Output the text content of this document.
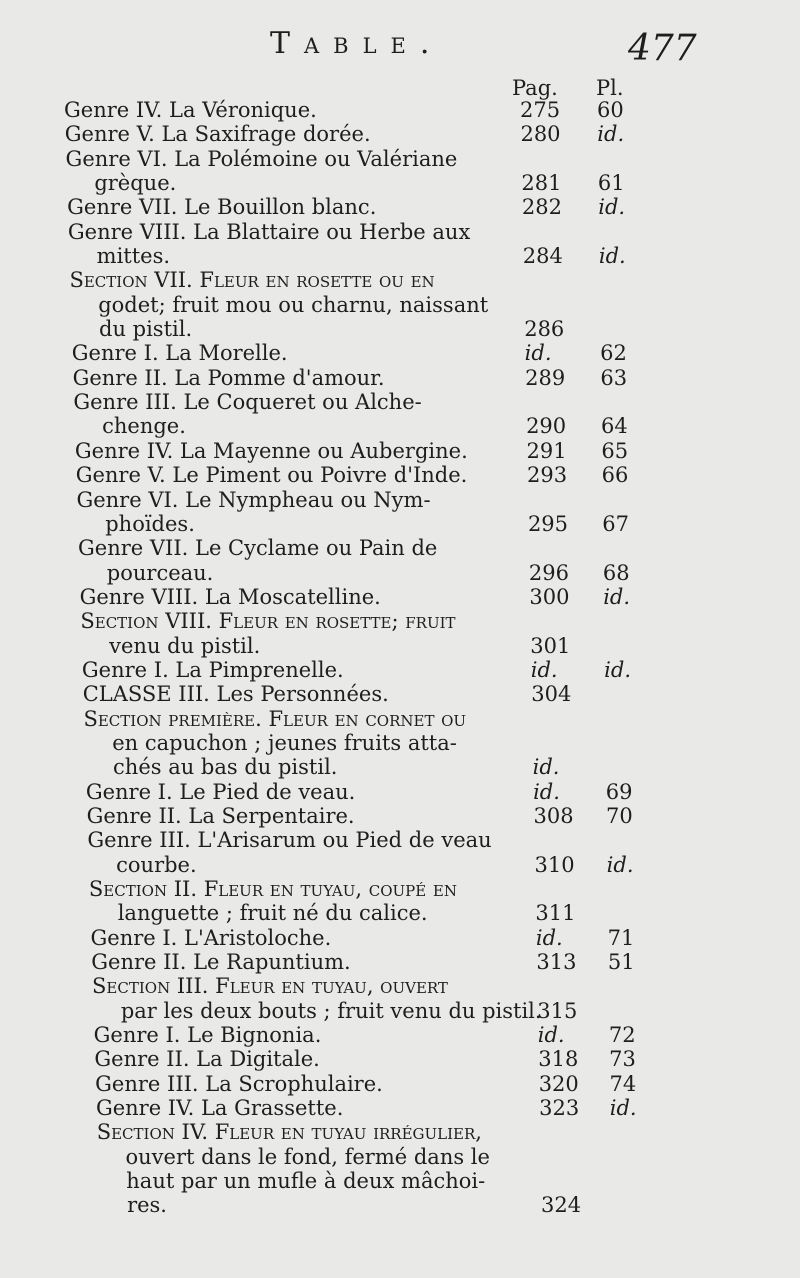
Table.	477
Pag. Pl.
Genre IV. La Véronique.	275 60
Genre V. La Saxifrage dorée.	280 id.
Genre VI. La Polémoine ou Valériane
grèque.	281 61
Genre VII. Le Bouillon blanc.	282 id.
Genre VIII. La Blattaire ou Herbe aux
mittes.	284 id.
Section VII. Fleur en rosette ou en
godet; fruit mou ou charnu, naissant
du pistil.	286
Genre I. La Morelle.	id. 62
Genre II. La Pomme d'amour.	289 63
Genre III. Le Coqueret ou Alche-
chenge.	290 64
Genre IV. La Mayenne ou Aubergine.	291 65
Genre V. Le Piment ou Poivre d'Inde.	293 66
Genre VI. Le Nympheau ou Nym-
phoïdes.	295 67
Genre VII. Le Cyclame ou Pain de
pourceau.	296 68
Genre VIII. La Moscatelline.	300 id.
Section VIII. Fleur en rosette; fruit
venu du pistil.	301
Genre I. La Pimprenelle.	id. id.
CLASSE III. Les Personnées.	304
Section première. Fleur en cornet ou
en capuchon ; jeunes fruits atta-
chés au bas du pistil.	id.
Genre I. Le Pied de veau.	id. 69
Genre II. La Serpentaire.	308 70
Genre III. L'Arisarum ou Pied de veau
courbe.	310 id.
Section II. Fleur en tuyau, coupé en
languette ; fruit né du calice.	311
Genre I. L'Aristoloche.	id. 71
Genre II. Le Rapuntium.	313 51
Section III. Fleur en tuyau, ouvert
par les deux bouts ; fruit venu du pistil.
315
Genre I. Le Bignonia.	id. 72
Genre II. La Digitale.	318 73
Genre III. La Scrophulaire.	320 74
Genre IV. La Grassette.	323 id.
Section IV. Fleur en tuyau irrégulier,
ouvert dans le fond, fermé dans le
haut par un mufle à deux mâchoi-
res.	324
